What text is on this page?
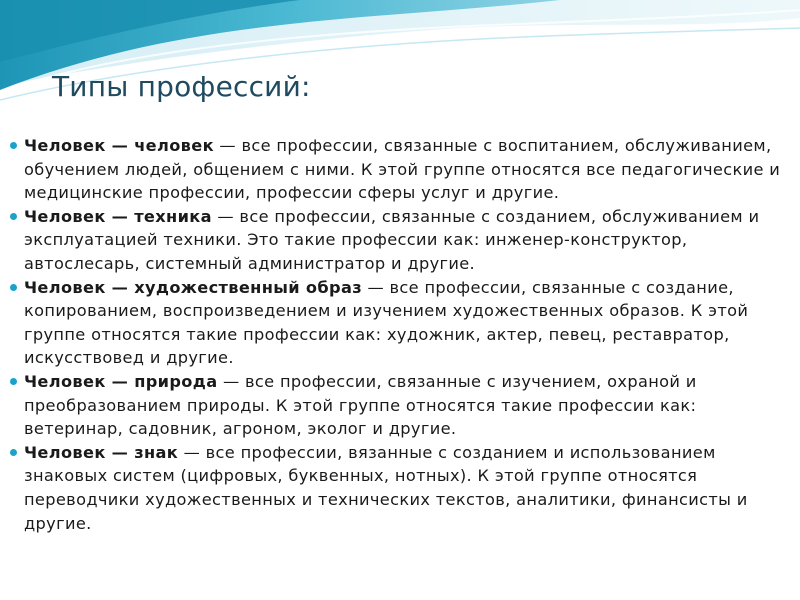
Типы профессий:
Человек — человек — все профессии, связанные с воспитанием, обслуживанием, обучением людей, общением с ними. К этой группе относятся все педагогические и медицинские профессии, профессии сферы услуг и другие.
Человек — техника — все профессии, связанные с созданием, обслуживанием и эксплуатацией техники. Это такие профессии как: инженер-конструктор, автослесарь, системный администратор и другие.
Человек — художественный образ — все профессии, связанные с создание, копированием, воспроизведением и изучением художественных образов. К этой группе относятся такие профессии как: художник, актер, певец, реставратор, искусствовед и другие.
Человек — природа — все профессии, связанные с изучением, охраной и преобразованием природы. К этой группе относятся такие профессии как: ветеринар, садовник, агроном, эколог и другие.
Человек — знак — все профессии, вязанные с созданием и использованием знаковых систем (цифровых, буквенных, нотных). К этой группе относятся переводчики художественных и технических текстов, аналитики, финансисты и другие.
